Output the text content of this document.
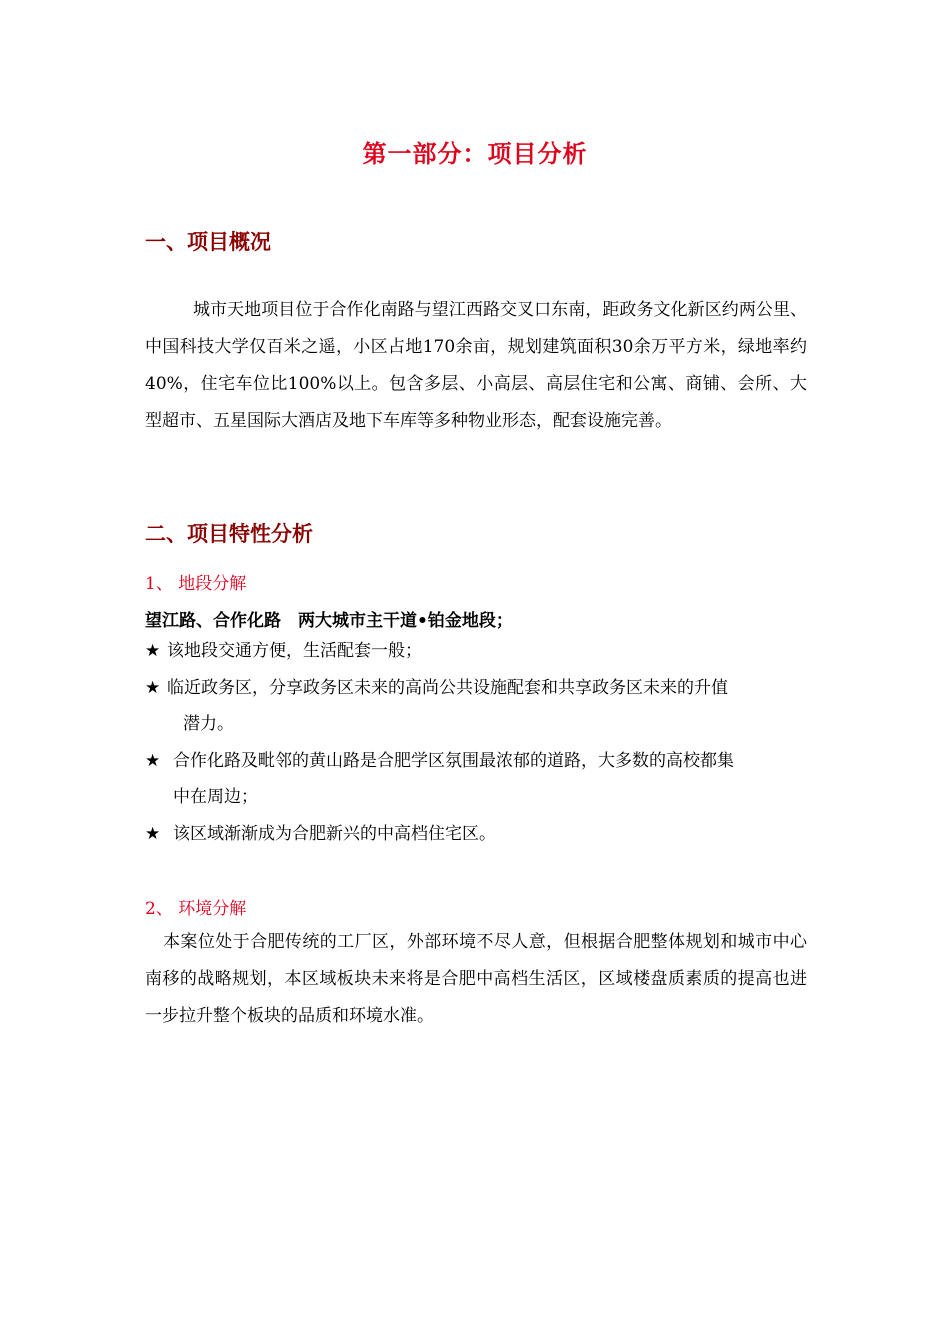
第一部分：项目分析
一、项目概况
城市天地项目位于合作化南路与望江西路交叉口东南，距政务文化新区约两公里、中国科技大学仅百米之遥，小区占地170余亩，规划建筑面积30余万平方米，绿地率约40%，住宅车位比100%以上。包含多层、小高层、高层住宅和公寓、商铺、会所、大型超市、五星国际大酒店及地下车库等多种物业形态，配套设施完善。
二、项目特性分析
1、 地段分解
望江路、合作化路　两大城市主干道•铂金地段；
★ 该地段交通方便，生活配套一般；
★ 临近政务区，分享政务区未来的高尚公共设施配套和共享政务区未来的升值
潜力。
★ 合作化路及毗邻的黄山路是合肥学区氛围最浓郁的道路，大多数的高校都集
中在周边；
★ 该区域渐渐成为合肥新兴的中高档住宅区。
2、 环境分解
本案位处于合肥传统的工厂区，外部环境不尽人意，但根据合肥整体规划和城市中心南移的战略规划，本区域板块未来将是合肥中高档生活区，区域楼盘质素质的提高也进一步拉升整个板块的品质和环境水准。
